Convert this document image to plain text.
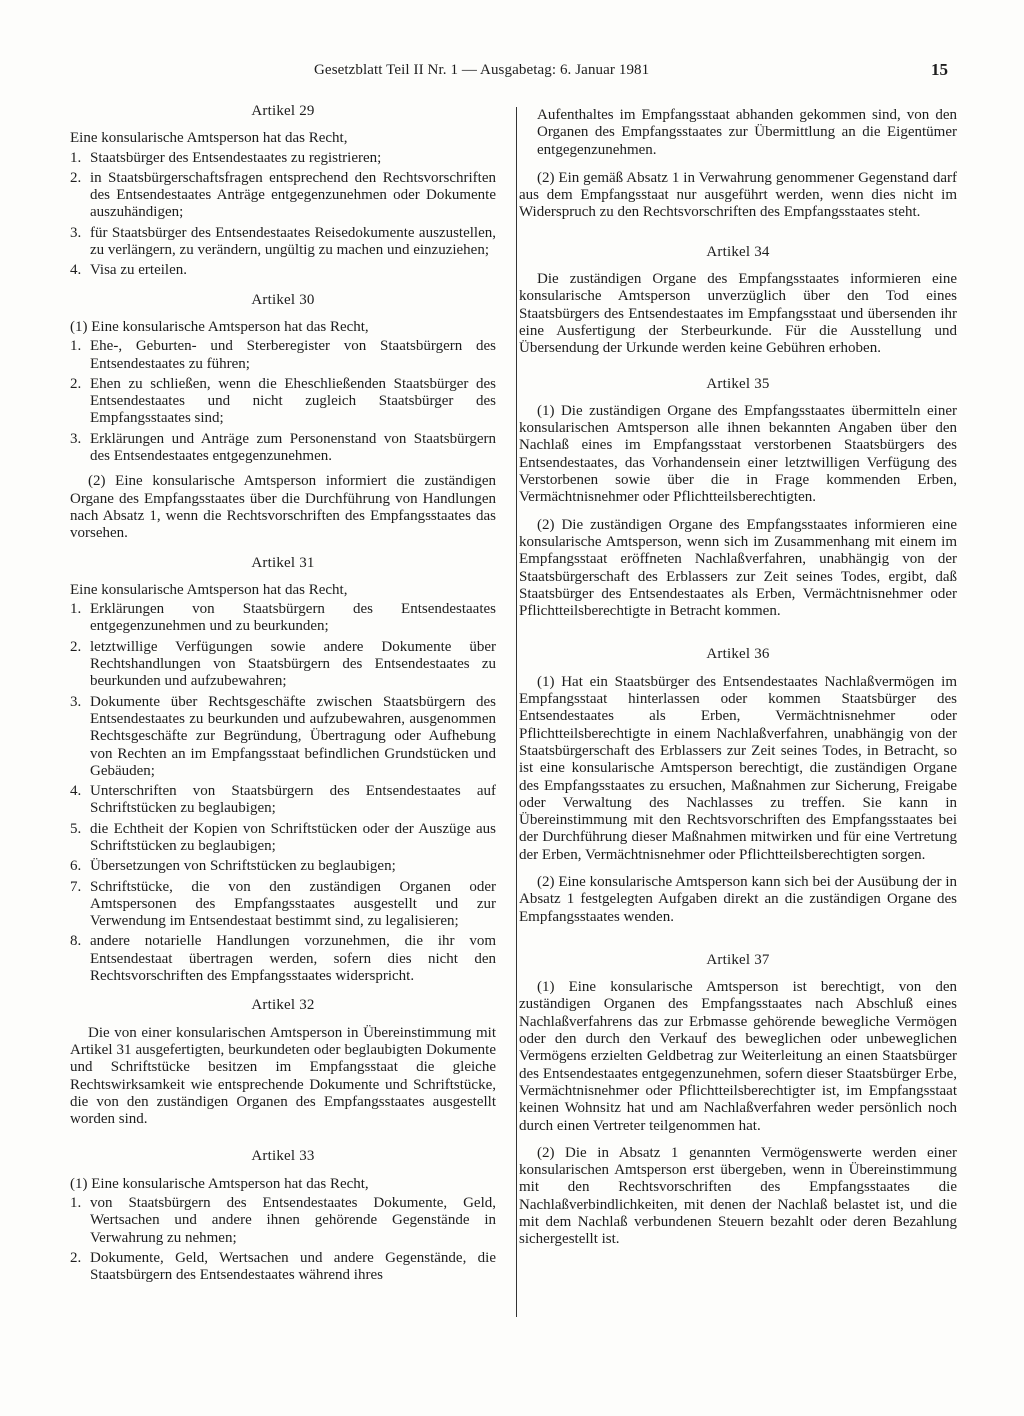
Gesetzblatt Teil II Nr. 1 — Ausgabetag: 6. Januar 1981	15
Artikel 29

Eine konsularische Amtsperson hat das Recht,

1. Staatsbürger des Entsendestaates zu registrieren;
2. in Staatsbürgerschaftsfragen entsprechend den Rechtsvorschriften des Entsendestaates Anträge entgegenzunehmen oder Dokumente auszuhändigen;
3. für Staatsbürger des Entsendestaates Reisedokumente auszustellen, zu verlängern, zu verändern, ungültig zu machen und einzuziehen;
4. Visa zu erteilen.
Artikel 30

(1) Eine konsularische Amtsperson hat das Recht,

1. Ehe-, Geburten- und Sterberegister von Staatsbürgern des Entsendestaates zu führen;
2. Ehen zu schließen, wenn die Eheschließenden Staatsbürger des Entsendestaates und nicht zugleich Staatsbürger des Empfangsstaates sind;
3. Erklärungen und Anträge zum Personenstand von Staatsbürgern des Entsendestaates entgegenzunehmen.

(2) Eine konsularische Amtsperson informiert die zuständigen Organe des Empfangsstaates über die Durchführung von Handlungen nach Absatz 1, wenn die Rechtsvorschriften des Empfangsstaates das vorsehen.

Artikel 31

Eine konsularische Amtsperson hat das Recht,

1. Erklärungen von Staatsbürgern des Entsendestaates entgegenzunehmen und zu beurkunden;
2. letztwillige Verfügungen sowie andere Dokumente über Rechtshandlungen von Staatsbürgern des Entsendestaates zu beurkunden und aufzubewahren;
3. Dokumente über Rechtsgeschäfte zwischen Staatsbürgern des Entsendestaates zu beurkunden und aufzubewahren, ausgenommen Rechtsgeschäfte zur Begründung, Übertragung oder Aufhebung von Rechten an im Empfangsstaat befindlichen Grundstücken und Gebäuden;
4. Unterschriften von Staatsbürgern des Entsendestaates auf Schriftstücken zu beglaubigen;
5. die Echtheit der Kopien von Schriftstücken oder der Auszüge aus Schriftstücken zu beglaubigen;
6. Übersetzungen von Schriftstücken zu beglaubigen;
7. Schriftstücke, die von den zuständigen Organen oder Amtspersonen des Empfangsstaates ausgestellt und zur Verwendung im Entsendestaat bestimmt sind, zu legalisieren;
8. andere notarielle Handlungen vorzunehmen, die ihr vom Entsendestaat übertragen werden, sofern dies nicht den Rechtsvorschriften des Empfangsstaates widerspricht.
Artikel 32

Die von einer konsularischen Amtsperson in Übereinstimmung mit Artikel 31 ausgefertigten, beurkundeten oder beglaubigten Dokumente und Schriftstücke besitzen im Empfangsstaat die gleiche Rechtswirksamkeit wie entsprechende Dokumente und Schriftstücke, die von den zuständigen Organen des Empfangsstaates ausgestellt worden sind.

Artikel 33

(1) Eine konsularische Amtsperson hat das Recht,

1. von Staatsbürgern des Entsendestaates Dokumente, Geld, Wertsachen und andere ihnen gehörende Gegenstände in Verwahrung zu nehmen;
2. Dokumente, Geld, Wertsachen und andere Gegenstände, die Staatsbürgern des Entsendestaates während ihres

Aufenthaltes im Empfangsstaat abhanden gekommen sind, von den Organen des Empfangsstaates zur Übermittlung an die Eigentümer entgegenzunehmen.

(2) Ein gemäß Absatz 1 in Verwahrung genommener Gegenstand darf aus dem Empfangsstaat nur ausgeführt werden, wenn dies nicht im Widerspruch zu den Rechtsvorschriften des Empfangsstaates steht.

Artikel 34

Die zuständigen Organe des Empfangsstaates informieren eine konsularische Amtsperson unverzüglich über den Tod eines Staatsbürgers des Entsendestaates im Empfangsstaat und übersenden ihr eine Ausfertigung der Sterbeurkunde. Für die Ausstellung und Übersendung der Urkunde werden keine Gebühren erhoben.

Artikel 35

(1) Die zuständigen Organe des Empfangsstaates übermitteln einer konsularischen Amtsperson alle ihnen bekannten Angaben über den Nachlaß eines im Empfangsstaat verstorbenen Staatsbürgers des Entsendestaates, das Vorhandensein einer letztwilligen Verfügung des Verstorbenen sowie über die in Frage kommenden Erben, Vermächtnisnehmer oder Pflichtteilsberechtigten.

(2) Die zuständigen Organe des Empfangsstaates informieren eine konsularische Amtsperson, wenn sich im Zusammenhang mit einem im Empfangsstaat eröffneten Nachlaßverfahren, unabhängig von der Staatsbürgerschaft des Erblassers zur Zeit seines Todes, ergibt, daß Staatsbürger des Entsendestaates als Erben, Vermächtnisnehmer oder Pflichtteilsberechtigte in Betracht kommen.

Artikel 36

(1) Hat ein Staatsbürger des Entsendestaates Nachlaßvermögen im Empfangsstaat hinterlassen oder kommen Staatsbürger des Entsendestaates als Erben, Vermächtnisnehmer oder Pflichtteilsberechtigte in einem Nachlaßverfahren, unabhängig von der Staatsbürgerschaft des Erblassers zur Zeit seines Todes, in Betracht, so ist eine konsularische Amtsperson berechtigt, die zuständigen Organe des Empfangsstaates zu ersuchen, Maßnahmen zur Sicherung, Freigabe oder Verwaltung des Nachlasses zu treffen. Sie kann in Übereinstimmung mit den Rechtsvorschriften des Empfangsstaates bei der Durchführung dieser Maßnahmen mitwirken und für eine Vertretung der Erben, Vermächtnisnehmer oder Pflichtteilsberechtigten sorgen.

(2) Eine konsularische Amtsperson kann sich bei der Ausübung der in Absatz 1 festgelegten Aufgaben direkt an die zuständigen Organe des Empfangsstaates wenden.

Artikel 37

(1) Eine konsularische Amtsperson ist berechtigt, von den zuständigen Organen des Empfangsstaates nach Abschluß eines Nachlaßverfahrens das zur Erbmasse gehörende bewegliche Vermögen oder den durch den Verkauf des beweglichen oder unbeweglichen Vermögens erzielten Geldbetrag zur Weiterleitung an einen Staatsbürger des Entsendestaates entgegenzunehmen, sofern dieser Staatsbürger Erbe, Vermächtnisnehmer oder Pflichtteilsberechtigter ist, im Empfangsstaat keinen Wohnsitz hat und am Nachlaßverfahren weder persönlich noch durch einen Vertreter teilgenommen hat.

(2) Die in Absatz 1 genannten Vermögenswerte werden einer konsularischen Amtsperson erst übergeben, wenn in Übereinstimmung mit den Rechtsvorschriften des Empfangsstaates die Nachlaßverbindlichkeiten, mit denen der Nachlaß belastet ist, und die mit dem Nachlaß verbundenen Steuern bezahlt oder deren Bezahlung sichergestellt ist.
